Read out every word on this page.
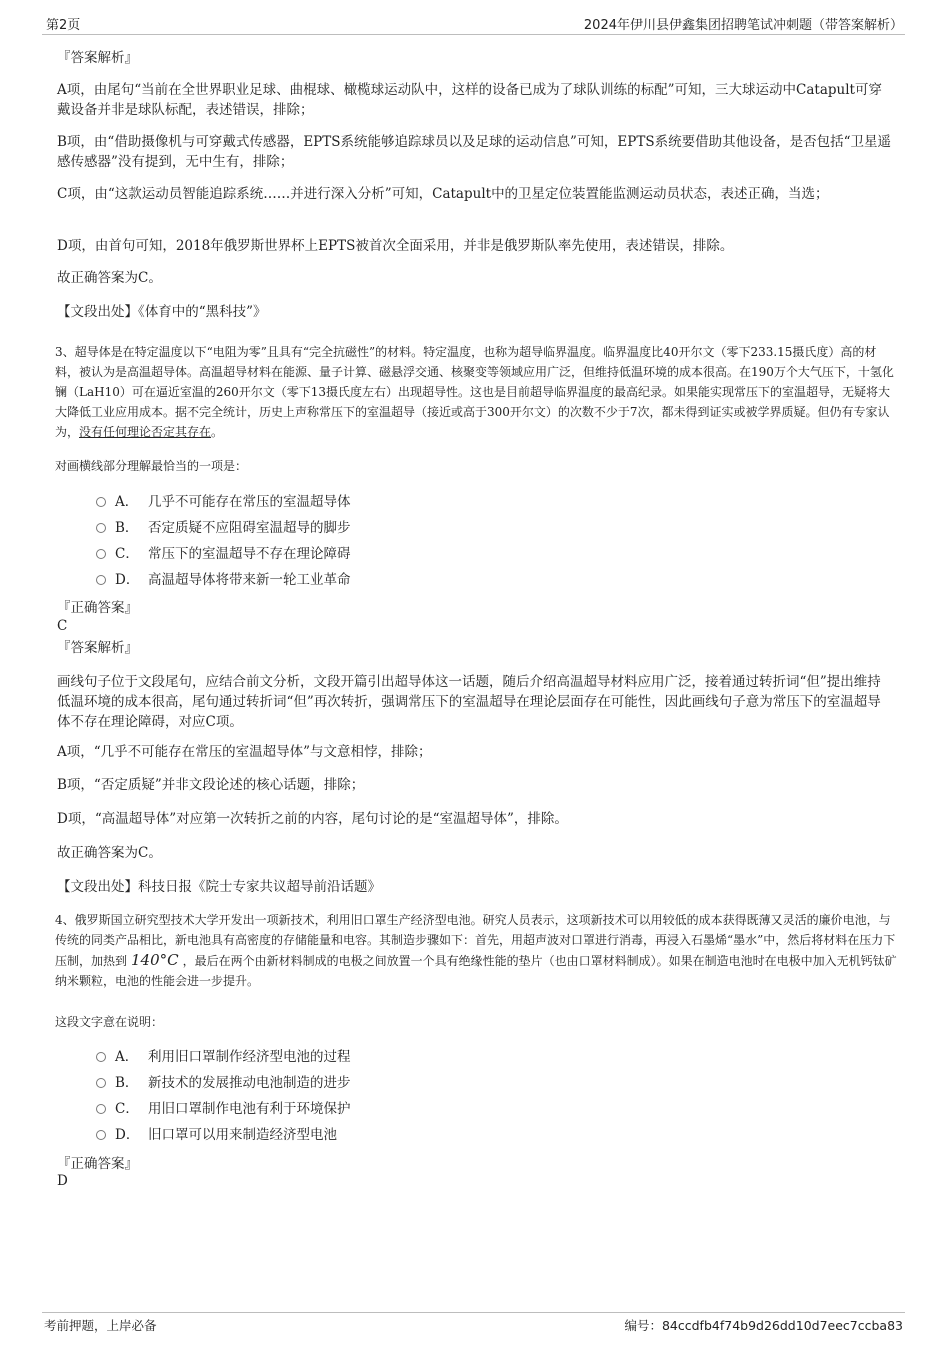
第2页	2024年伊川县伊鑫集团招聘笔试冲刺题（带答案解析）

『答案解析』

A项，由尾句“当前在全世界职业足球、曲棍球、橄榄球运动队中，这样的设备已成为了球队训练的标配”可知，三大球运动中Catapult可穿戴设备并非是球队标配，表述错误，排除；

B项，由“借助摄像机与可穿戴式传感器，EPTS系统能够追踪球员以及足球的运动信息”可知，EPTS系统要借助其他设备，是否包括“卫星遥感传感器”没有提到，无中生有，排除；

C项，由“这款运动员智能追踪系统……并进行深入分析”可知，Catapult中的卫星定位装置能监测运动员状态，表述正确，当选；

D项，由首句可知，2018年俄罗斯世界杯上EPTS被首次全面采用，并非是俄罗斯队率先使用，表述错误，排除。

故正确答案为C。

【文段出处】《体育中的“黑科技”》

3、超导体是在特定温度以下“电阻为零”且具有“完全抗磁性”的材料。特定温度，也称为超导临界温度。临界温度比40开尔文（零下233.15摄氏度）高的材料，被认为是高温超导体。高温超导材料在能源、量子计算、磁悬浮交通、核聚变等领域应用广泛，但维持低温环境的成本很高。在190万个大气压下，十氢化镧（LaH10）可在逼近室温的260开尔文（零下13摄氏度左右）出现超导性。这也是目前超导临界温度的最高纪录。如果能实现常压下的室温超导，无疑将大大降低工业应用成本。据不完全统计，历史上声称常压下的室温超导（接近或高于300开尔文）的次数不少于7次，都未得到证实或被学界质疑。但仍有专家认为，没有任何理论否定其存在。

对画横线部分理解最恰当的一项是：

A． 几乎不可能存在常压的室温超导体
B． 否定质疑不应阻碍室温超导的脚步
C． 常压下的室温超导不存在理论障碍
D． 高温超导体将带来新一轮工业革命

『正确答案』

C

『答案解析』

画线句子位于文段尾句，应结合前文分析，文段开篇引出超导体这一话题，随后介绍高温超导材料应用广泛，接着通过转折词“但”提出维持低温环境的成本很高，尾句通过转折词“但”再次转折，强调常压下的室温超导在理论层面存在可能性，因此画线句子意为常压下的室温超导体不存在理论障碍，对应C项。

A项，“几乎不可能存在常压的室温超导体”与文意相悖，排除；

B项，“否定质疑”并非文段论述的核心话题，排除；

D项，“高温超导体”对应第一次转折之前的内容，尾句讨论的是“室温超导体”，排除。

故正确答案为C。

【文段出处】科技日报《院士专家共议超导前沿话题》

4、俄罗斯国立研究型技术大学开发出一项新技术，利用旧口罩生产经济型电池。研究人员表示，这项新技术可以用较低的成本获得既薄又灵活的廉价电池，与传统的同类产品相比，新电池具有高密度的存储能量和电容。其制造步骤如下：首先，用超声波对口罩进行消毒，再浸入石墨烯“墨水”中，然后将材料在压力下压制，加热到 140°C ，最后在两个由新材料制成的电极之间放置一个具有绝缘性能的垫片（也由口罩材料制成）。如果在制造电池时在电极中加入无机钙钛矿纳米颗粒，电池的性能会进一步提升。

这段文字意在说明：

A． 利用旧口罩制作经济型电池的过程
B． 新技术的发展推动电池制造的进步
C． 用旧口罩制作电池有利于环境保护
D． 旧口罩可以用来制造经济型电池

『正确答案』

D

考前押题，上岸必备	编号：84ccdfb4f74b9d26dd10d7eec7ccba83
